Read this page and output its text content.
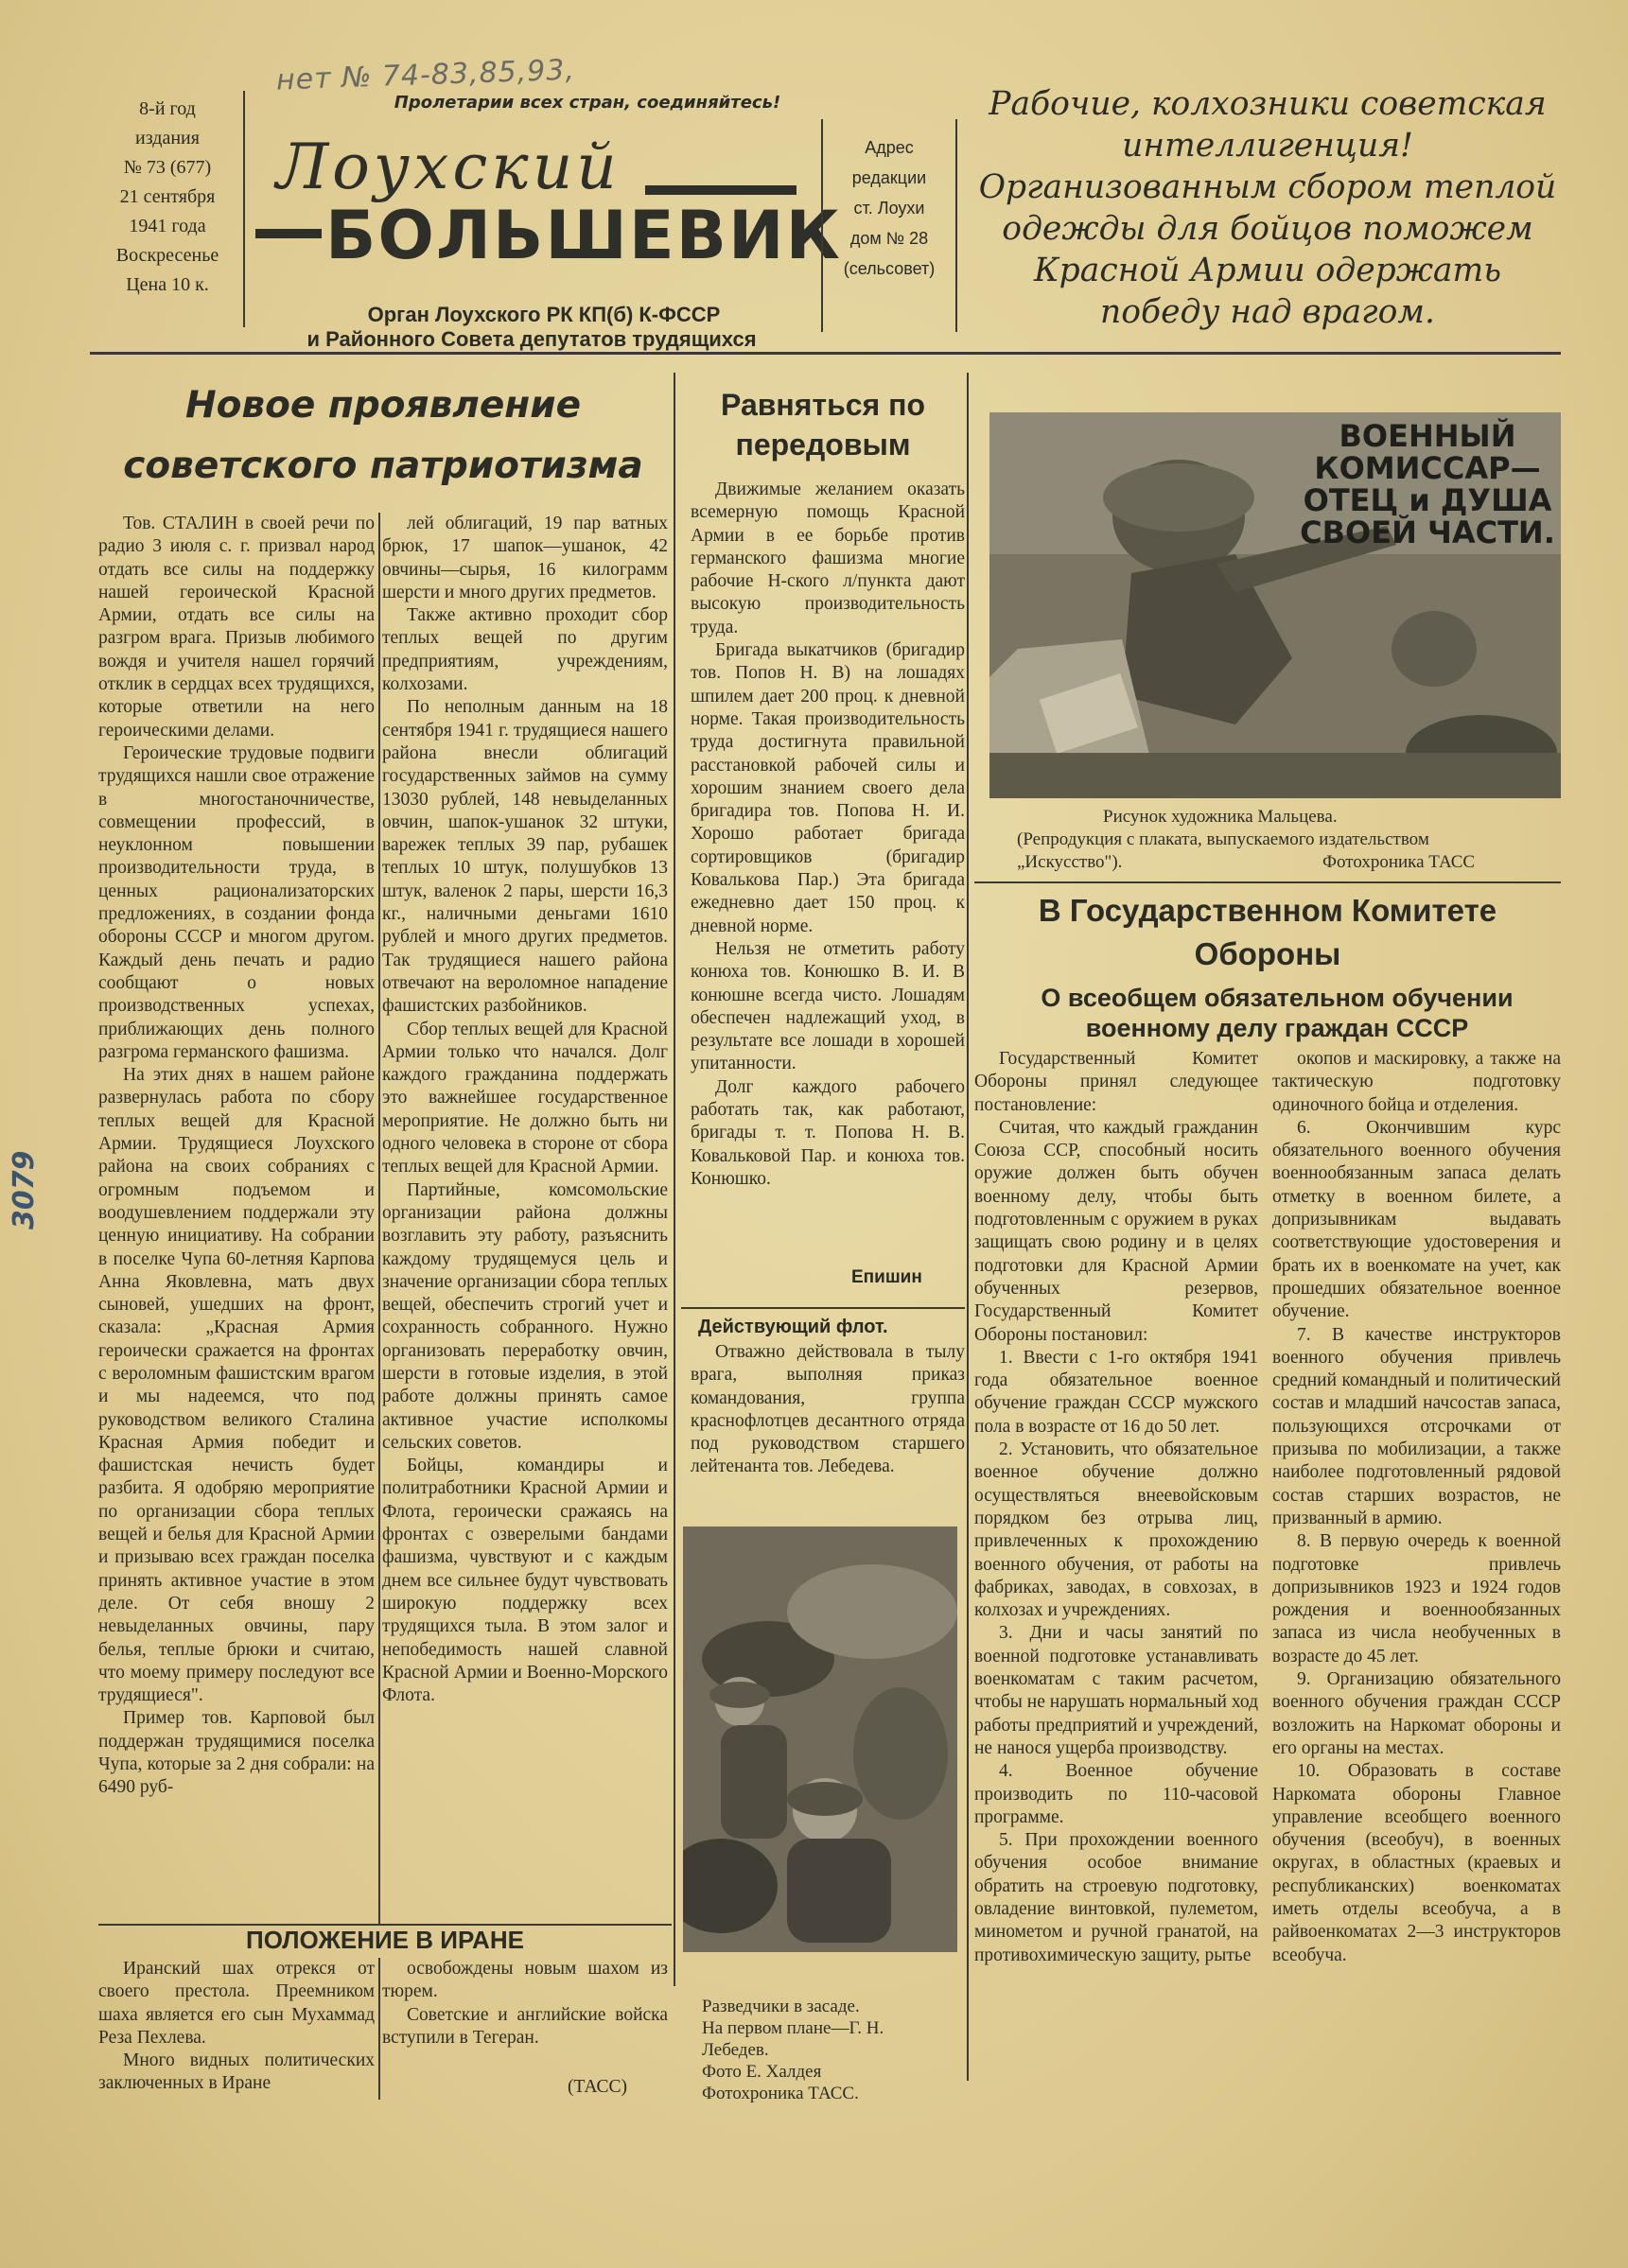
нет № 74-83,85,93,
3079
Пролетарии всех стран, соединяйтесь!
8-й год
издания
№ 73 (677)
21 сентября
1941 года
Воскресенье
Цена 10 к.
Лоухский
БОЛЬШЕВИК
Орган Лоухского РК КП(б) К-ФССР
и Районного Совета депутатов трудящихся
Адрес
редакции
ст. Лоухи
дом № 28
(сельсовет)
Рабочие, колхозники советская интеллигенция! Организованным сбором теплой одежды для бойцов поможем Красной Армии одержать победу над врагом.
Новое проявление
советского патриотизма

Тов. СТАЛИН в своей речи по радио 3 июля с. г. призвал народ отдать все силы на поддержку нашей героической Красной Армии, отдать все силы на разгром врага. Призыв любимого вождя и учителя нашел горячий отклик в сердцах всех трудящихся, которые ответили на него героическими делами.

Героические трудовые подвиги трудящихся нашли свое отражение в многостаночничестве, совмещении профессий, в неуклонном повышении производительности труда, в ценных рационализаторских предложениях, в создании фонда обороны СССР и многом другом. Каждый день печать и радио сообщают о новых производственных успехах, приближающих день полного разгрома германского фашизма.

На этих днях в нашем районе развернулась работа по сбору теплых вещей для Красной Армии. Трудящиеся Лоухского района на своих собраниях с огромным подъемом и воодушевлением поддержали эту ценную инициативу. На собрании в поселке Чупа 60-летняя Карпова Анна Яковлевна, мать двух сыновей, ушедших на фронт, сказала: „Красная Армия героически сражается на фронтах с вероломным фашистским врагом и мы надеемся, что под руководством великого Сталина Красная Армия победит и фашистская нечисть будет разбита. Я одобряю мероприятие по организации сбора теплых вещей и белья для Красной Армии и призываю всех граждан поселка принять активное участие в этом деле. От себя вношу 2 невыделанных овчины, пару белья, теплые брюки и считаю, что моему примеру последуют все трудящиеся".

Пример тов. Карповой был поддержан трудящимися поселка Чупа, которые за 2 дня собрали: на 6490 руб-

лей облигаций, 19 пар ватных брюк, 17 шапок—ушанок, 42 овчины—сырья, 16 килограмм шерсти и много других предметов.

Также активно проходит сбор теплых вещей по другим предприятиям, учреждениям, колхозами.

По неполным данным на 18 сентября 1941 г. трудящиеся нашего района внесли облигаций государственных займов на сумму 13030 рублей, 148 невыделанных овчин, шапок-ушанок 32 штуки, варежек теплых 39 пар, рубашек теплых 10 штук, полушубков 13 штук, валенок 2 пары, шерсти 16,3 кг., наличными деньгами 1610 рублей и много других предметов. Так трудящиеся нашего района отвечают на вероломное нападение фашистских разбойников.

Сбор теплых вещей для Красной Армии только что начался. Долг каждого гражданина поддержать это важнейшее государственное мероприятие. Не должно быть ни одного человека в стороне от сбора теплых вещей для Красной Армии.

Партийные, комсомольские организации района должны возглавить эту работу, разъяснить каждому трудящемуся цель и значение организации сбора теплых вещей, обеспечить строгий учет и сохранность собранного. Нужно организовать переработку овчин, шерсти в готовые изделия, в этой работе должны принять самое активное участие исполкомы сельских советов.

Бойцы, командиры и политработники Красной Армии и Флота, героически сражаясь на фронтах с озверелыми бандами фашизма, чувствуют и с каждым днем все сильнее будут чувствовать широкую поддержку всех трудящихся тыла. В этом залог и непобедимость нашей славной Красной Армии и Военно-Морского Флота.

ПОЛОЖЕНИЕ В ИРАНЕ

Иранский шах отрекся от своего престола. Преемником шаха является его сын Мухаммад Реза Пехлева.

Много видных политических заключенных в Иране

освобождены новым шахом из тюрем.

Советские и английские войска вступили в Тегеран.

(ТАСС)
Равняться по
передовым

Движимые желанием оказать всемерную помощь Красной Армии в ее борьбе против германского фашизма многие рабочие Н-ского л/пункта дают высокую производительность труда.

Бригада выкатчиков (бригадир тов. Попов Н. В) на лошадях шпилем дает 200 проц. к дневной норме. Такая производительность труда достигнута правильной расстановкой рабочей силы и хорошим знанием своего дела бригадира тов. Попова Н. И. Хорошо работает бригада сортировщиков (бригадир Ковалькова Пар.) Эта бригада ежедневно дает 150 проц. к дневной норме.

Нельзя не отметить работу конюха тов. Конюшко В. И. В конюшне всегда чисто. Лошадям обеспечен надлежащий уход, в результате все лошади в хорошей упитанности.

Долг каждого рабочего работать так, как работают, бригады т. т. Попова Н. В. Ковальковой Пар. и конюха тов. Конюшко.

Епишин
Действующий флот.
Отважно действовала в тылу врага, выполняя приказ командования, группа краснофлотцев десантного отряда под руководством старшего лейтенанта тов. Лебедева.
Разведчики в засаде.
На первом плане—Г. Н.
Лебедев.
Фото Е. Халдея
Фотохроника ТАСС.
ВОЕННЫЙ
КОМИССАР—
ОТЕЦ и ДУША
СВОЕЙ ЧАСТИ.
Рисунок художника Мальцева.
(Репродукция с плаката, выпускаемого издательством
„Искусство").	Фотохроника ТАСС
В Государственном Комитете
Обороны
О всеобщем обязательном обучении
военному делу граждан СССР

Государственный Комитет Обороны принял следующее постановление:

Считая, что каждый гражданин Союза ССР, способный носить оружие должен быть обучен военному делу, чтобы быть подготовленным с оружием в руках защищать свою родину и в целях подготовки для Красной Армии обученных резервов, Государственный Комитет Обороны постановил:

1. Ввести с 1-го октября 1941 года обязательное военное обучение граждан СССР мужского пола в возрасте от 16 до 50 лет.

2. Установить, что обязательное военное обучение должно осуществляться внеевойсковым порядком без отрыва лиц, привлеченных к прохождению военного обучения, от работы на фабриках, заводах, в совхозах, в колхозах и учреждениях.

3. Дни и часы занятий по военной подготовке устанавливать военкоматам с таким расчетом, чтобы не нарушать нормальный ход работы предприятий и учреждений, не нанося ущерба производству.

4. Военное обучение производить по 110-часовой программе.

5. При прохождении военного обучения особое внимание обратить на строевую подготовку, овладение винтовкой, пулеметом, минометом и ручной гранатой, на противохимическую защиту, рытье

окопов и маскировку, а также на тактическую подготовку одиночного бойца и отделения.

6. Окончившим курс обязательного военного обучения военнообязанным запаса делать отметку в военном билете, а допризывникам выдавать соответствующие удостоверения и брать их в военкомате на учет, как прошедших обязательное военное обучение.

7. В качестве инструкторов военного обучения привлечь средний командный и политический состав и младший начсостав запаса, пользующихся отсрочками от призыва по мобилизации, а также наиболее подготовленный рядовой состав старших возрастов, не призванный в армию.

8. В первую очередь к военной подготовке привлечь допризывников 1923 и 1924 годов рождения и военнообязанных запаса из числа необученных в возрасте до 45 лет.

9. Организацию обязательного военного обучения граждан СССР возложить на Наркомат обороны и его органы на местах.

10. Образовать в составе Наркомата обороны Главное управление всеобщего военного обучения (всеобуч), в военных округах, в областных (краевых и республиканских) военкоматах иметь отделы всеобуча, а в райвоенкоматах 2—3 инструкторов всеобуча.
